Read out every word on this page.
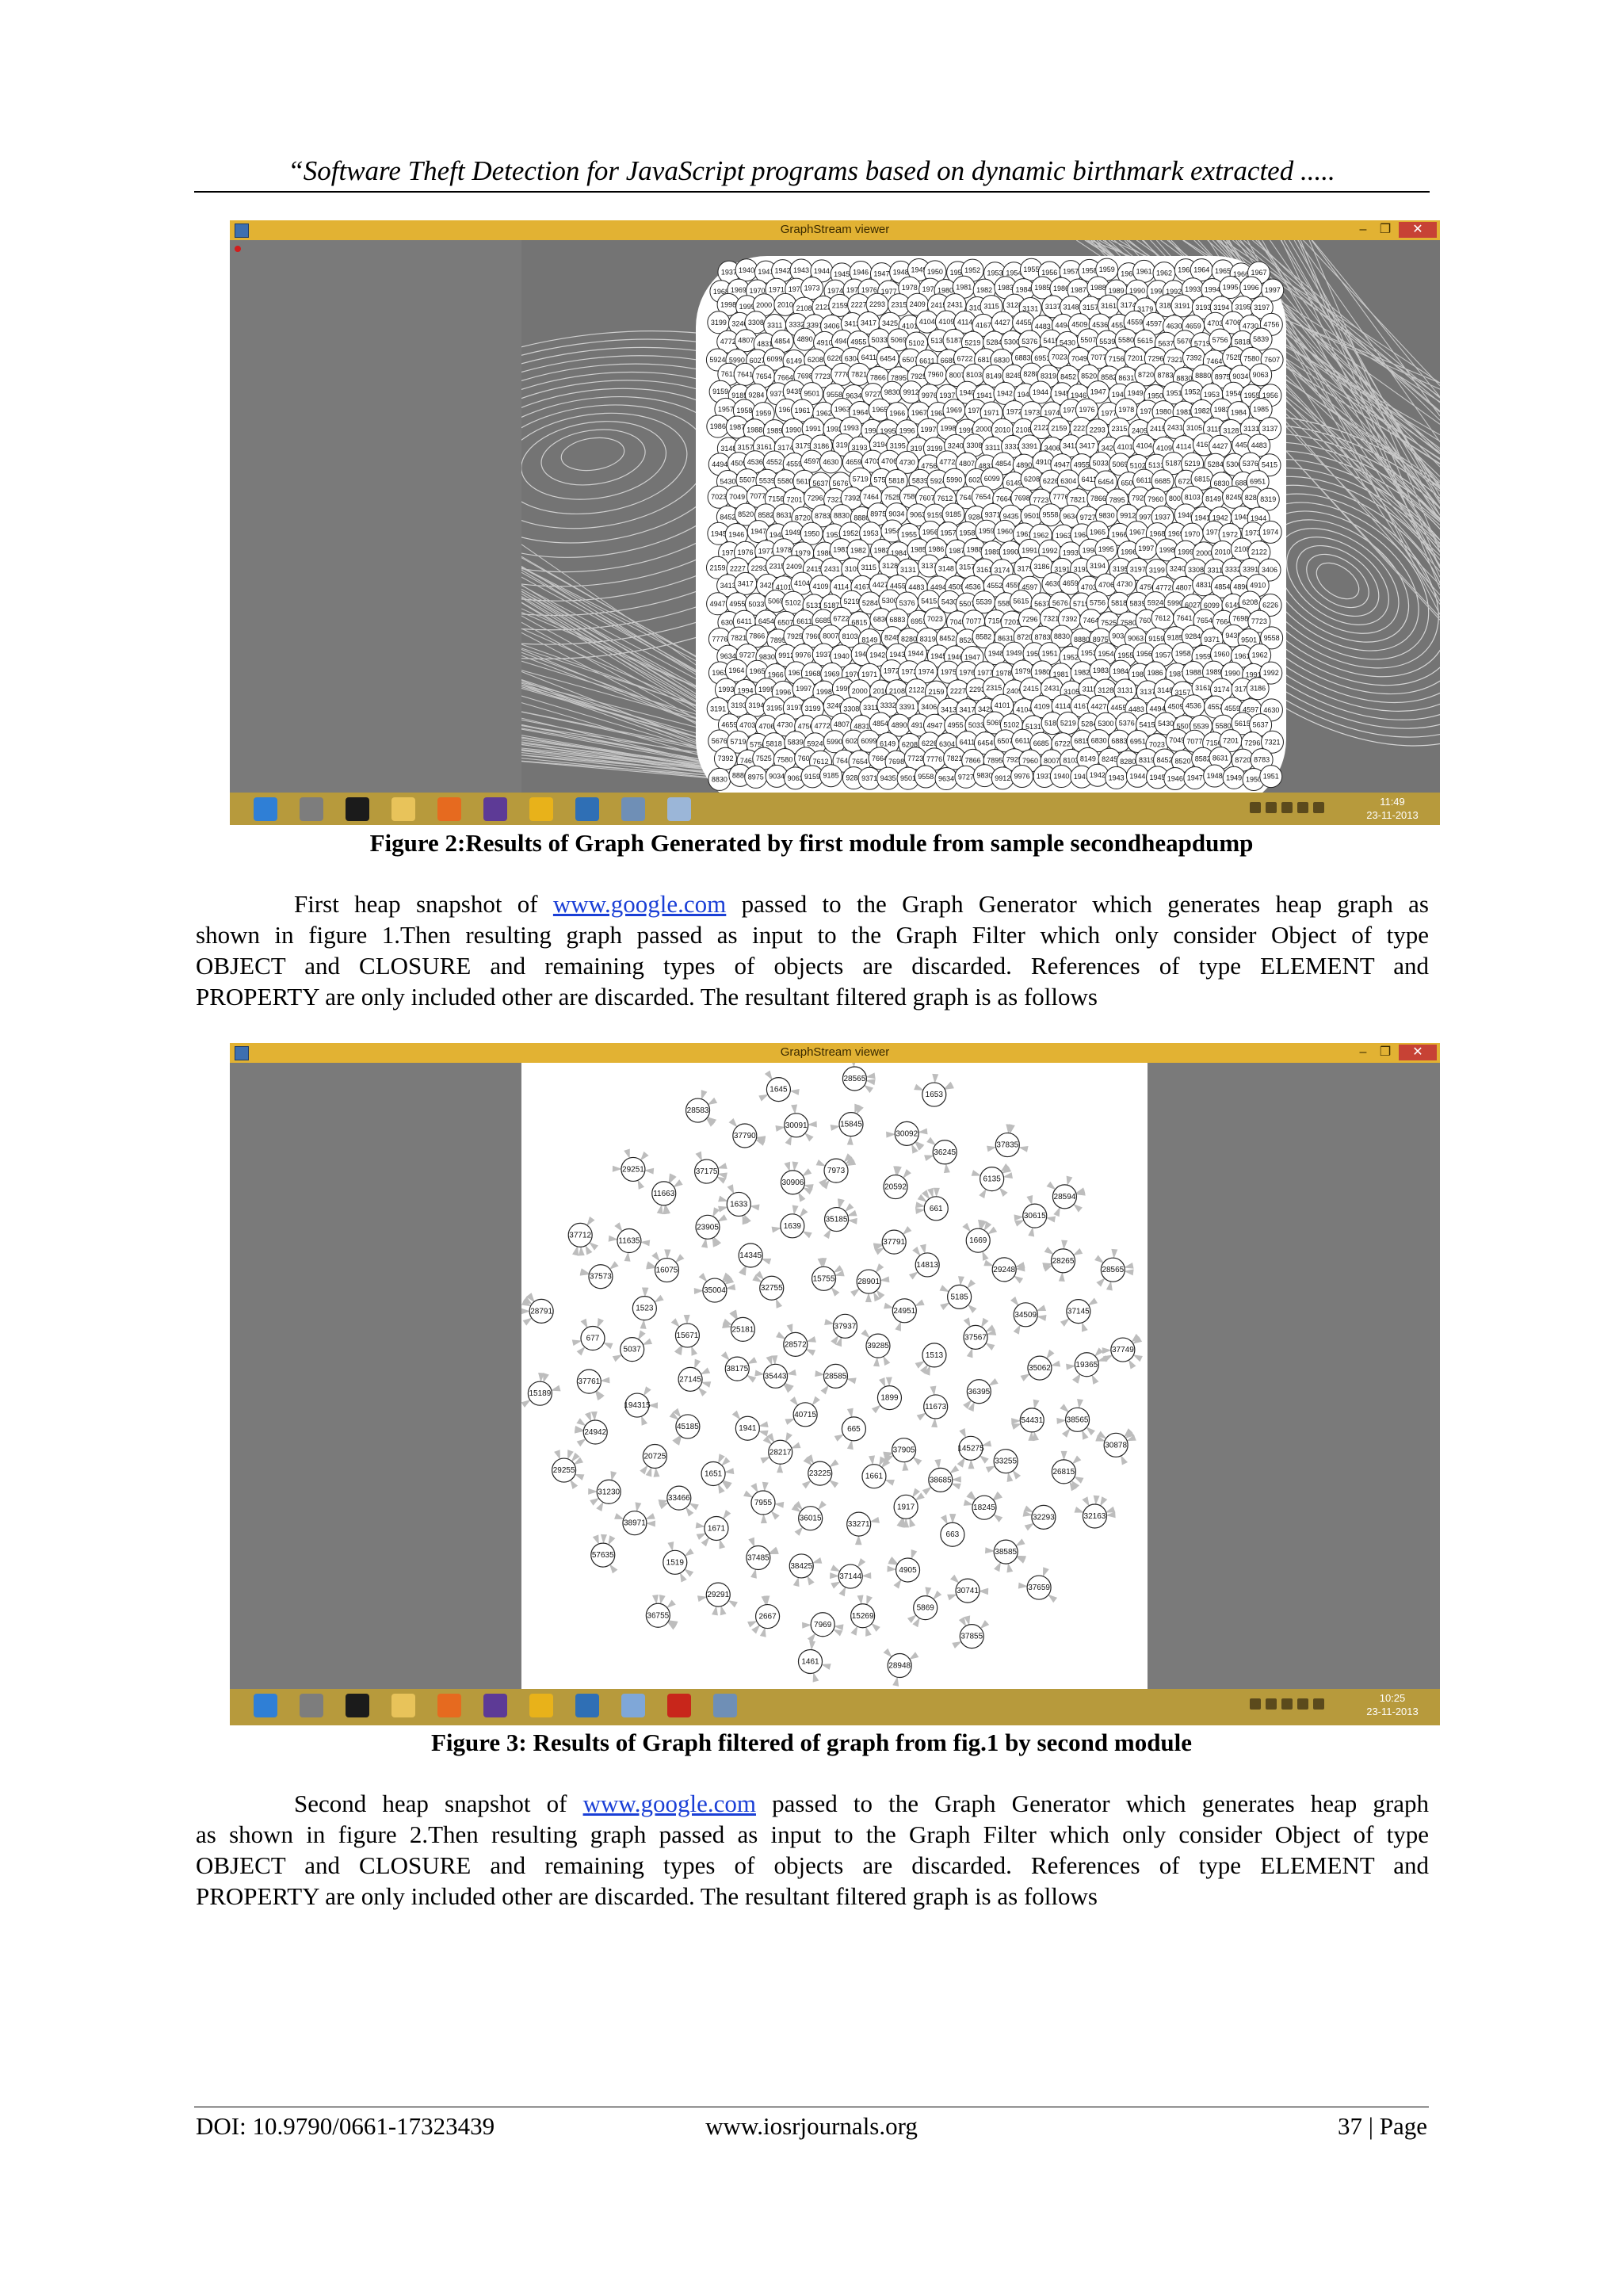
“Software Theft Detection for JavaScript programs based on dynamic birthmark extracted .....
GraphStream viewer	–	❐	✕
1937 1940 1941 1942 1943 1944 1945 1946 1947 1948 1949 1950 1951
1952 1953 1954 1955 1956 1957 1958 1959
1960 1961 1962 1963 1964 1965 1966 1967
1968 1969 1970 1971 1972 1973 1974 1975
1976 1977 1978 1979 1980 1981 1982 1983 1984 1985 1986 1987 1988 1989 1990 1991 1992 1993 1994 1995 1996 1997
1998 1999 2000 2010 2108 2122 2159 2227 2293 2315 2409 2415 2431 3105
3115 3128 3131 3137 3148 3157 3161 3174
3179 3186 3191 3193 3194 3195 3197
3199 3240 3308 3311 3332 3391 3406 3413 3417 3425 4101
4104 4109 4114 4167 4427 4455 4483 4494 4509 4536 4552 4559 4597 4630 4659 4703 4706 4730 4756
4772 4807 4831 4854 4890 4910 4947 4955 5033 5069 5102 5131 5187 5219 5284 5300 5376 5415 5430 5507 5539 5580 5615 5637 5676 5719 5756 5818 5839
5924 5990 6027 6099 6149 6208 6226 6304 6411 6454 6507 6611 6685 6722 6815 6830 6883 6951 7023 7049 7077 7156 7201 7296 7321 7392 7464 7525 7580 7607
7612 7641 7654 7664 7698 7723 7776 7821 7866 7895 7925 7960 8007 8103 8149 8245 8280 8319 8452 8520 8582 8631 8720 8783 8830 8880 8975 9034 9063
9159 9185 9284 9371 9435 9501 9558 9634 9727 9830 9912 9976 1937 1940 1941 1942 1943 1944 1945 1946 1947 1948 1949 1950 1951 1952 1953 1954 1955 1956
1957 1958 1959 1960 1961 1962 1963 1964 1965 1966 1967 1968 1969 1970 1971 1972 1973 1974 1975 1976 1977 1978 1979 1980 1981 1982 1983 1984 1985
1986 1987 1988 1989 1990 1991 1992 1993 1994 1995 1996 1997 1998 1999 2000 2010 2108 2122 2159 2227 2293 2315 2409 2415 2431 3105 3115 3128 3131 3137
3148 3157 3161 3174 3179 3186 3191 3193 3194 3195 3197 3199 3240 3308 3311 3332 3391 3406 3413 3417 3425 4101 4104 4109 4114 4167 4427 4455 4483
4494 4509 4536 4552 4559 4597 4630 4659 4703 4706 4730 4756
4772 4807 4831 4854 4890 4910 4947 4955 5033 5069 5102 5131 5187 5219 5284 5300 5376 5415
5430 5507 5539 5580 5615 5637 5676
5719 5756
5818 5839 5924 5990 6027 6099
6149
6208 6226 6304 6411 6454 6507 6611 6685 6722 6815
6830 6883
6951
7023 7049 7077 7156 7201 7296 7321 7392 7464 7525 7580 7607 7612 7641 7654 7664 7698 7723 7776 7821 7866 7895 7925 7960 8007 8103 8149 8245 8280 8319
8452 8520 8582 8631 8720 8783 8830 8880 8975 9034 9063 9159 9185 9284 9371 9435 9501 9558 9634 9727 9830 9912 9976 1937 1940 1941 1942 1943 1944
1945 1946 1947 1948 1949 1950 1951 1952 1953 1954 1955 1956 1957 1958 1959 1960 1961 1962 1963 1964 1965 1966 1967 1968 1969 1970 1971 1972 1973 1974
1975 1976 1977 1978 1979 1980 1981 1982 1983 1984 1985 1986 1987 1988 1989 1990 1991 1992 1993 1994 1995 1996 1997 1998 1999 2000 2010 2108 2122
2159 2227 2293 2315 2409 2415 2431 3105 3115 3128
3131
3137 3148 3157 3161 3174 3179 3186 3191 3193 3194 3195 3197 3199 3240 3308 3311 3332 3391 3406
3413 3417 3425 4101 4104 4109 4114 4167 4427 4455 4483 4494 4509 4536 4552 4559 4597 4630 4659 4703 4706 4730 4756 4772 4807 4831 4854 4890 4910
4947 4955 5033 5069 5102 5131 5187 5219 5284 5300 5376 5415 5430 5507 5539 5580 5615 5637 5676 5719 5756 5818 5839 5924 5990 6027 6099 6149 6208 6226
6304 6411 6454 6507 6611 6685 6722
6815 6830 6883 6951 7023 7049 7077 7156 7201 7296 7321 7392 7464 7525 7580 7607 7612 7641 7654 7664 7698 7723
7776 7821 7866
7895 7925 7960 8007 8103 8149 8245 8280 8319 8452 8520 8582 8631 8720 8783 8830 8880 8975 9034 9063 9159 9185 9284 9371 9435
9501 9558
9634 9727 9830 9912 9976 1937 1940 1941 1942 1943 1944 1945 1946 1947 1948 1949 1950 1951 1952
1953 1954 1955 1956 1957 1958 1959 1960 1961 1962
1963 1964 1965 1966 1967 1968 1969 1970 1971 1972 1973 1974 1975 1976 1977 1978 1979 1980 1981 1982 1983 1984 1985 1986 1987 1988 1989 1990 1991 1992
1993 1994 1995 1996 1997 1998 1999 2000 2010 2108 2122 2159 2227 2293 2315 2409 2415 2431 3105 3115 3128 3131 3137 3148 3157
3161 3174 3179 3186
3191 3193 3194 3195 3197 3199 3240 3308 3311 3332 3391 3406 3413 3417 3425 4101
4104 4109 4114 4167 4427 4455 4483 4494 4509 4536 4552 4559 4597 4630
4659 4703 4706 4730 4756 4772 4807 4831 4854 4890 4910 4947 4955 5033 5069 5102 5131 5187 5219 5284 5300 5376 5415 5430 5507 5539 5580 5615 5637
5676 5719 5756 5818 5839 5924 5990 6027 6099 6149 6208 6226 6304 6411 6454 6507 6611 6685 6722 6815 6830 6883 6951 7023
7049 7077 7156 7201 7296 7321
7392 7464 7525 7580 7607
7612 7641 7654 7664 7698 7723 7776 7821 7866 7895 7925 7960 8007 8103 8149 8245 8280 8319 8452 8520 8582 8631 8720 8783
8830
8880 8975 9034 9063 9159 9185 9284 9371 9435 9501 9558 9634 9727 9830 9912 9976 1937 1940 1941 1942 1943 1944 1945 1946 1947 1948 1949 1950 1951
11:49
23-11-2013
Figure 2:Results of Graph Generated by first module from sample secondheapdump
First heap snapshot of www.google.com passed to the Graph Generator which generates heap graph as
shown in figure 1.Then resulting graph passed as input to the Graph Filter which only consider Object of type
OBJECT and CLOSURE and remaining types of objects are discarded. References of type ELEMENT and
PROPERTY are only included other are discarded. The resultant filtered graph is as follows
GraphStream viewer	–	❐	✕
28585
1899
665
40715
35443
28572
37937
39285
37905
1661
23225
28217
1941
38175
25181
32755
15755	28901
24951
1513
11673
1917
33271
36015
7955
1651
45185
27145
15671
35004
14345
1639
35185
37791
14813
5185
37567
36395
145275
38685
37144
38425
37485
1671
33466
20725
194315
5037
1523
16075
23905
1633
30906
7973
20592
661
1669
29248
34509
35062
54431
33255
18245
663
4905
2667
29291
1519
38971
31230
24942
37761
677
37573
11635
11663
37175
37790
30091	15845
30092
36245
6135
30615
28265
37145
19365
38565
26815
32293
38585
30741
5869
15269
7969
36755
57635
29255
15189
28791
37712
29251
28583
1645
28565
1653
37835
28594
28565
37749
30878
32163
37659
37855
28948
1461
10:25
23-11-2013
Figure 3: Results of Graph filtered of graph from fig.1 by second module
Second heap snapshot of www.google.com passed to the Graph Generator which generates heap graph
as shown in figure 2.Then resulting graph passed as input to the Graph Filter which only consider Object of type
OBJECT and CLOSURE and remaining types of objects are discarded. References of type ELEMENT and
PROPERTY are only included other are discarded. The resultant filtered graph is as follows
DOI: 10.9790/0661-17323439	www.iosrjournals.org	37 | Page
